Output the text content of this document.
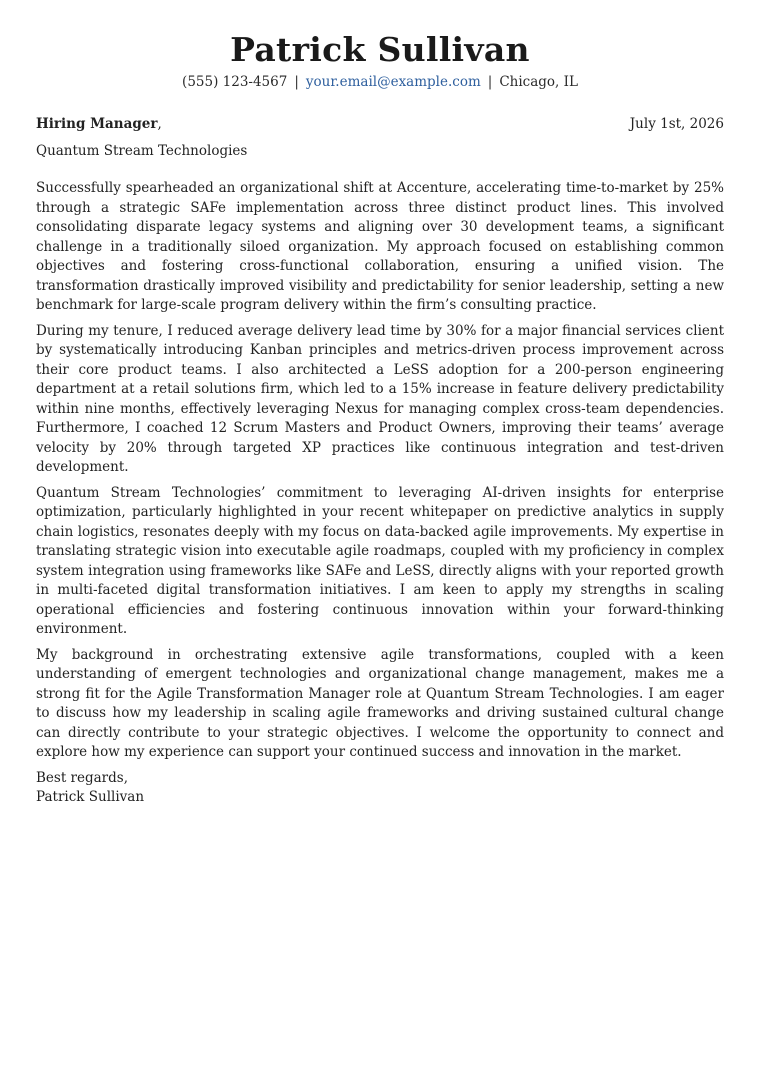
Patrick Sullivan
(555) 123-4567 | your.email@example.com | Chicago, IL
Hiring Manager,	July 1st, 2026
Quantum Stream Technologies

Successfully spearheaded an organizational shift at Accenture, accelerating time-to-market by 25% through a strategic SAFe implementation across three distinct product lines. This involved consolidating disparate legacy systems and aligning over 30 development teams, a significant challenge in a traditionally siloed organization. My approach focused on establishing common objectives and fostering cross-functional collaboration, ensuring a unified vision. The transformation drastically improved visibility and predictability for senior leadership, setting a new benchmark for large-scale program delivery within the firm’s consulting practice.

During my tenure, I reduced average delivery lead time by 30% for a major financial services client by systematically introducing Kanban principles and metrics-driven process improvement across their core product teams. I also architected a LeSS adoption for a 200-person engineering department at a retail solutions firm, which led to a 15% increase in feature delivery predictability within nine months, effectively leveraging Nexus for managing complex cross-team dependencies. Furthermore, I coached 12 Scrum Masters and Product Owners, improving their teams’ average velocity by 20% through targeted XP practices like continuous integration and test-driven development.

Quantum Stream Technologies’ commitment to leveraging AI-driven insights for enterprise optimization, particularly highlighted in your recent whitepaper on predictive analytics in supply chain logistics, resonates deeply with my focus on data-backed agile improvements. My expertise in translating strategic vision into executable agile roadmaps, coupled with my proficiency in complex system integration using frameworks like SAFe and LeSS, directly aligns with your reported growth in multi-faceted digital transformation initiatives. I am keen to apply my strengths in scaling operational efficiencies and fostering continuous innovation within your forward-thinking environment.

My background in orchestrating extensive agile transformations, coupled with a keen understanding of emergent technologies and organizational change management, makes me a strong fit for the Agile Transformation Manager role at Quantum Stream Technologies. I am eager to discuss how my leadership in scaling agile frameworks and driving sustained cultural change can directly contribute to your strategic objectives. I welcome the opportunity to connect and explore how my experience can support your continued success and innovation in the market.

Best regards,
Patrick Sullivan
